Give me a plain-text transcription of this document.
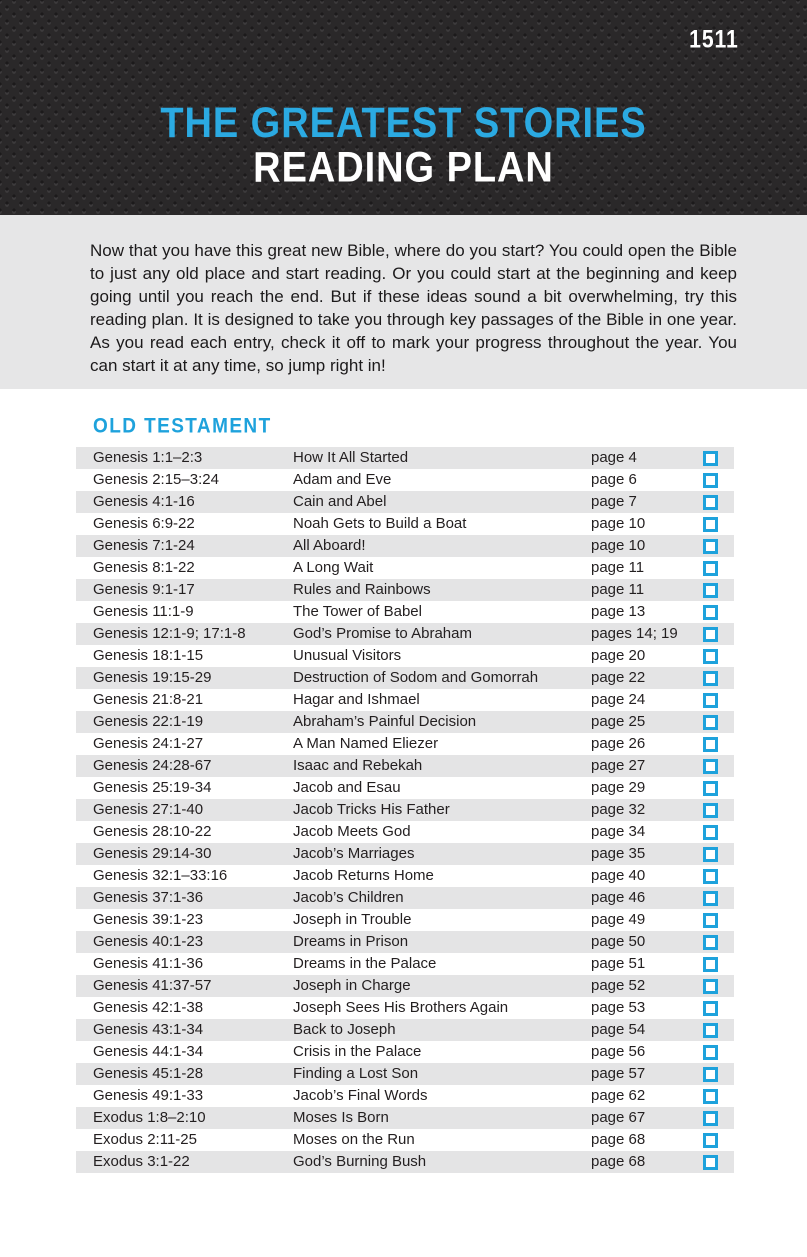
1511
THE GREATEST STORIES
READING PLAN

Now that you have this great new Bible, where do you start? You could open the Bible to just any old place and start reading. Or you could start at the beginning and keep going until you reach the end. But if these ideas sound a bit overwhelming, try this reading plan. It is designed to take you through key passages of the Bible in one year. As you read each entry, check it off to mark your progress throughout the year. You can start it at any time, so jump right in!

OLD TESTAMENT
Genesis 1:1–2:3	How It All Started	page 4
Genesis 2:15–3:24	Adam and Eve	page 6
Genesis 4:1-16	Cain and Abel	page 7
Genesis 6:9-22	Noah Gets to Build a Boat	page 10
Genesis 7:1-24	All Aboard!	page 10
Genesis 8:1-22	A Long Wait	page 11
Genesis 9:1-17	Rules and Rainbows	page 11
Genesis 11:1-9	The Tower of Babel	page 13
Genesis 12:1-9; 17:1-8	God’s Promise to Abraham	pages 14; 19
Genesis 18:1-15	Unusual Visitors	page 20
Genesis 19:15-29	Destruction of Sodom and Gomorrah	page 22
Genesis 21:8-21	Hagar and Ishmael	page 24
Genesis 22:1-19	Abraham’s Painful Decision	page 25
Genesis 24:1-27	A Man Named Eliezer	page 26
Genesis 24:28-67	Isaac and Rebekah	page 27
Genesis 25:19-34	Jacob and Esau	page 29
Genesis 27:1-40	Jacob Tricks His Father	page 32
Genesis 28:10-22	Jacob Meets God	page 34
Genesis 29:14-30	Jacob’s Marriages	page 35
Genesis 32:1–33:16	Jacob Returns Home	page 40
Genesis 37:1-36	Jacob’s Children	page 46
Genesis 39:1-23	Joseph in Trouble	page 49
Genesis 40:1-23	Dreams in Prison	page 50
Genesis 41:1-36	Dreams in the Palace	page 51
Genesis 41:37-57	Joseph in Charge	page 52
Genesis 42:1-38	Joseph Sees His Brothers Again	page 53
Genesis 43:1-34	Back to Joseph	page 54
Genesis 44:1-34	Crisis in the Palace	page 56
Genesis 45:1-28	Finding a Lost Son	page 57
Genesis 49:1-33	Jacob’s Final Words	page 62
Exodus 1:8–2:10	Moses Is Born	page 67
Exodus 2:11-25	Moses on the Run	page 68
Exodus 3:1-22	God’s Burning Bush	page 68
